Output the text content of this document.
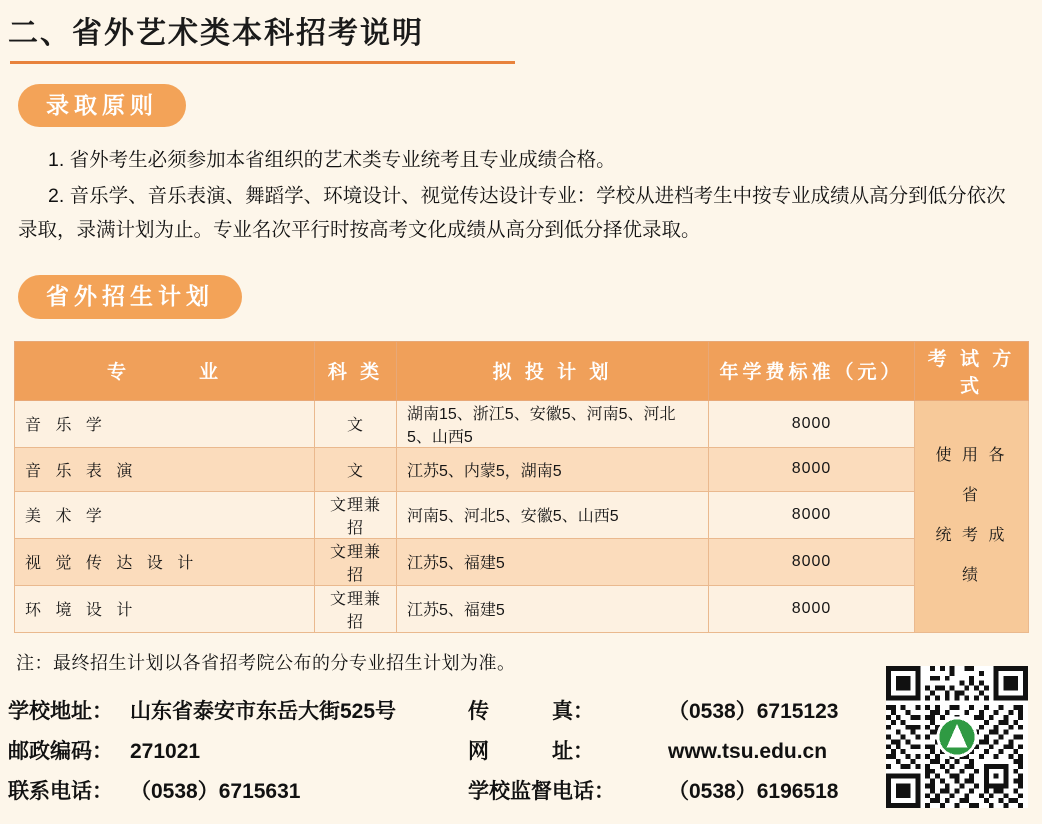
二、省外艺术类本科招考说明
录取原则
1. 省外考生必须参加本省组织的艺术类专业统考且专业成绩合格。
2. 音乐学、音乐表演、舞蹈学、环境设计、视觉传达设计专业：学校从进档考生中按专业成绩从高分到低分依次录取，录满计划为止。专业名次平行时按高考文化成绩从高分到低分择优录取。
省外招生计划
专　　　业	科 类	拟 投 计 划	年学费标准（元）	考 试 方 式
音 乐 学	文	湖南15、浙江5、安徽5、河南5、河北5、山西5	8000	使 用 各 省
统 考 成 绩

音 乐 表 演	文	江苏5、内蒙5，湖南5	8000	
美 术 学	文理兼招	河南5、河北5、安徽5、山西5	8000	
视 觉 传 达 设 计	文理兼招	江苏5、福建5	8000	
环 境 设 计	文理兼招	江苏5、福建5	8000	
注：最终招生计划以各省招考院公布的分专业招生计划为准。
学校地址： 山东省泰安市东岳大街525号	传　　　真：	（0538）6715123
邮政编码： 271021	网　　　址：	www.tsu.edu.cn
联系电话： （0538）6715631	学校监督电话：	（0538）6196518
